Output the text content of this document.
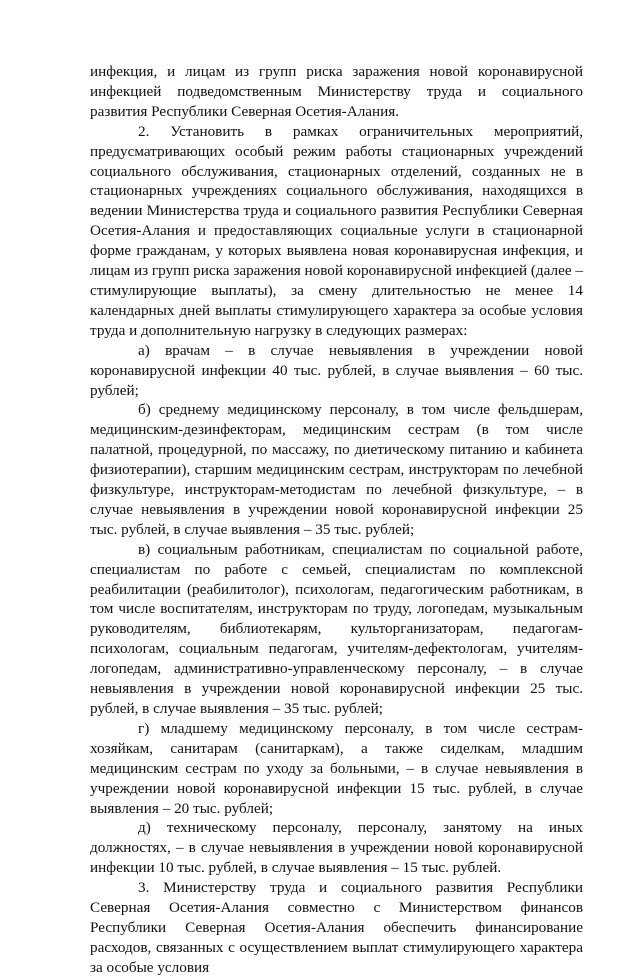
инфекция, и лицам из групп риска заражения новой коронавирусной инфекцией подведомственным Министерству труда и социального развития Республики Северная Осетия-Алания.

2. Установить в рамках ограничительных мероприятий, предусматривающих особый режим работы стационарных учреждений социального обслуживания, стационарных отделений, созданных не в стационарных учреждениях социального обслуживания, находящихся в ведении Министерства труда и социального развития Республики Северная Осетия-Алания и предоставляющих социальные услуги в стационарной форме гражданам, у которых выявлена новая коронавирусная инфекция, и лицам из групп риска заражения новой коронавирусной инфекцией (далее – стимулирующие выплаты), за смену длительностью не менее 14 календарных дней выплаты стимулирующего характера за особые условия труда и дополнительную нагрузку в следующих размерах:

а) врачам – в случае невыявления в учреждении новой коронавирусной инфекции 40 тыс. рублей, в случае выявления – 60 тыс. рублей;

б) среднему медицинскому персоналу, в том числе фельдшерам, медицинским-дезинфекторам, медицинским сестрам (в том числе палатной, процедурной, по массажу, по диетическому питанию и кабинета физиотерапии), старшим медицинским сестрам, инструкторам по лечебной физкультуре, инструкторам-методистам по лечебной физкультуре, – в случае невыявления в учреждении новой коронавирусной инфекции 25 тыс. рублей, в случае выявления – 35 тыс. рублей;

в) социальным работникам, специалистам по социальной работе, специалистам по работе с семьей, специалистам по комплексной реабилитации (реабилитолог), психологам, педагогическим работникам, в том числе воспитателям, инструкторам по труду, логопедам, музыкальным руководителям, библиотекарям, культорганизаторам, педагогам-психологам, социальным педагогам, учителям-дефектологам, учителям-логопедам, административно-управленческому персоналу, – в случае невыявления в учреждении новой коронавирусной инфекции 25 тыс. рублей, в случае выявления – 35 тыс. рублей;

г) младшему медицинскому персоналу, в том числе сестрам-хозяйкам, санитарам (санитаркам), а также сиделкам, младшим медицинским сестрам по уходу за больными, – в случае невыявления в учреждении новой коронавирусной инфекции 15 тыс. рублей, в случае выявления – 20 тыс. рублей;

д) техническому персоналу, персоналу, занятому на иных должностях, – в случае невыявления в учреждении новой коронавирусной инфекции 10 тыс. рублей, в случае выявления – 15 тыс. рублей.

3. Министерству труда и социального развития Республики Северная Осетия-Алания совместно с Министерством финансов Республики Северная Осетия-Алания обеспечить финансирование расходов, связанных с осуществлением выплат стимулирующего характера за особые условия
